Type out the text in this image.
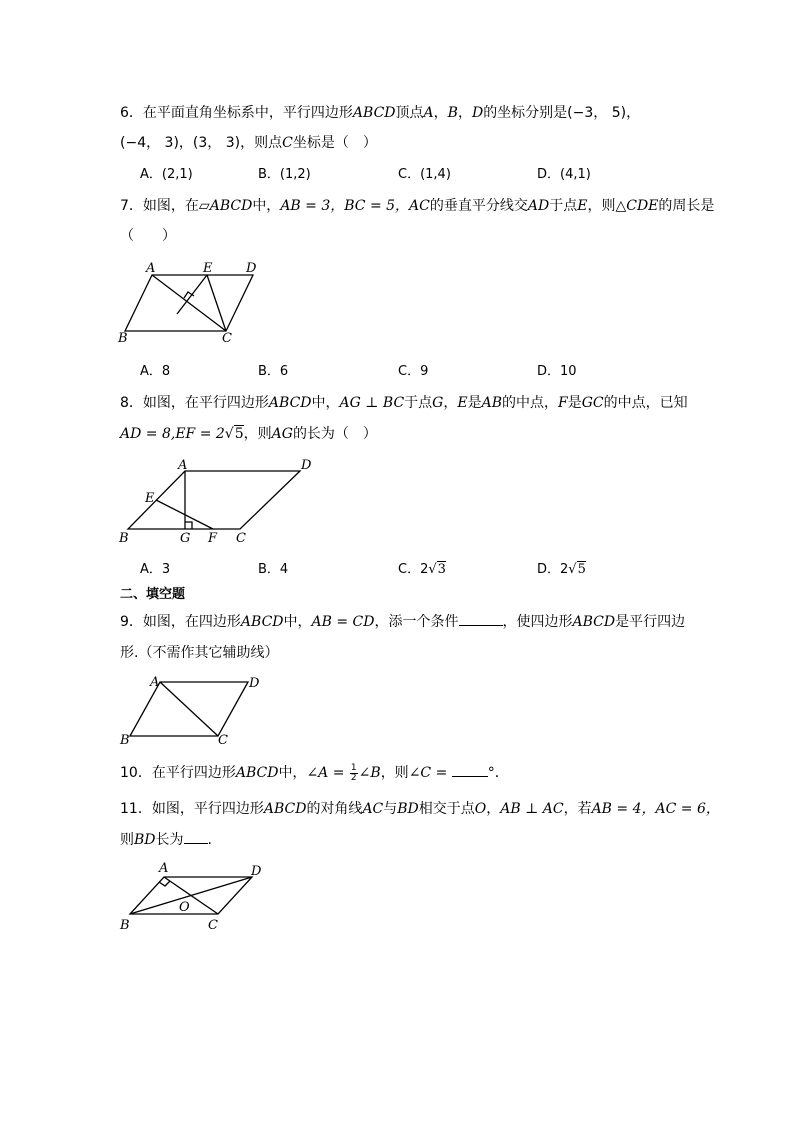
6．在平面直角坐标系中，平行四边形ABCD顶点A，B，D的坐标分别是(−3， 5)，
(−4， 3)，(3， 3)，则点C坐标是（　）
A．(2,1)	B．(1,2)	C．(1,4)	D．(4,1)
7．如图，在▱ABCD中，AB = 3，BC = 5，AC的垂直平分线交AD于点E，则△CDE的周长是
（　　）
A	E	D
B	C
A．8	B．6	C．9	D．10
8．如图，在平行四边形ABCD中，AG ⊥ BC于点G，E是AB的中点，F是GC的中点，已知
AD = 8,EF = 2√5，则AG的长为（　）
A	D
E
B	G F C
A．3	B．4	C．2√3	D．2√5
二、填空题
9．如图，在四边形ABCD中，AB = CD，添一个条件	，使四边形ABCD是平行四边
形.（不需作其它辅助线）
A	D
B	C
10．在平行四边形ABCD中，∠A = $\frac{1}{2}$ ∠B，则∠C =	°．
11．如图，平行四边形ABCD的对角线AC与BD相交于点O，AB ⊥ AC，若AB = 4，AC = 6，
则BD长为 .
A	D
O
B	C
